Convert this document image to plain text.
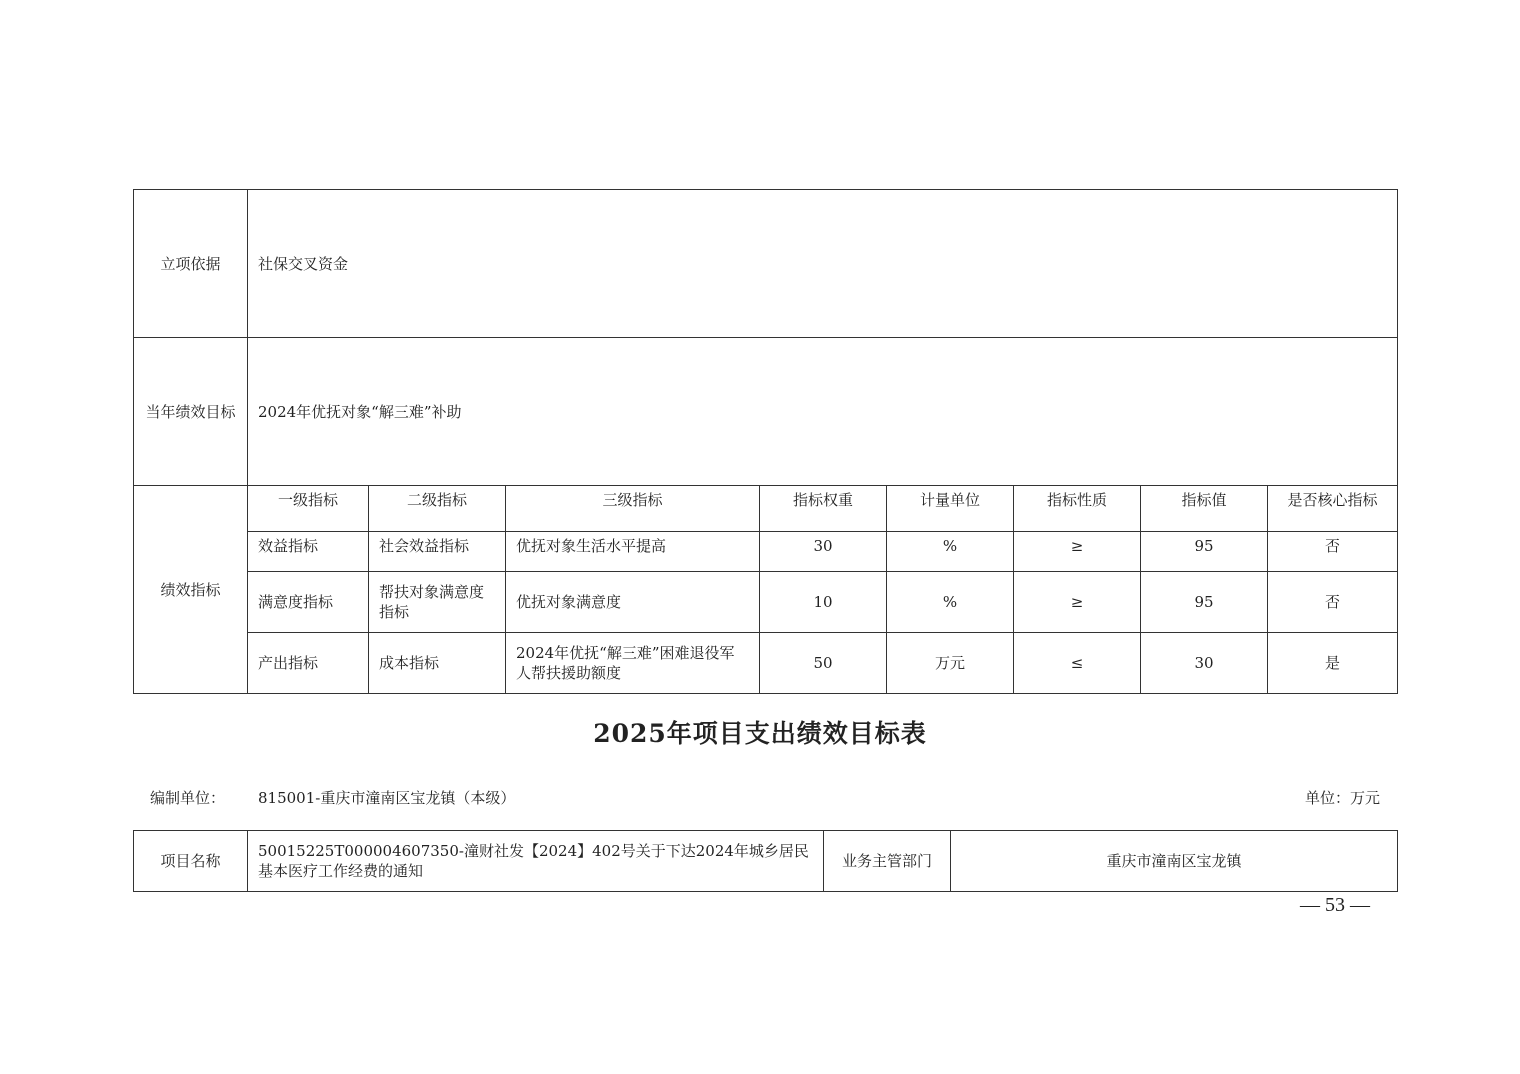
立项依据	社保交叉资金							
当年绩效目标	2024年优抚对象“解三难”补助							
绩效指标	一级指标	二级指标	三级指标	指标权重	计量单位	指标性质	指标值	是否核心指标
	效益指标	社会效益指标	优抚对象生活水平提高	30	%	≥	95	否
	满意度指标	帮扶对象满意度指标	优抚对象满意度	10	%	≥	95	否
	产出指标	成本指标	2024年优抚“解三难”困难退役军人帮扶援助额度	50	万元	≤	30	是
2025年项目支出绩效目标表
编制单位： 815001-重庆市潼南区宝龙镇（本级）	单位：万元
项目名称	50015225T000004607350-潼财社发【2024】402号关于下达2024年城乡居民基本医疗工作经费的通知	业务主管部门	重庆市潼南区宝龙镇
— 53 —
